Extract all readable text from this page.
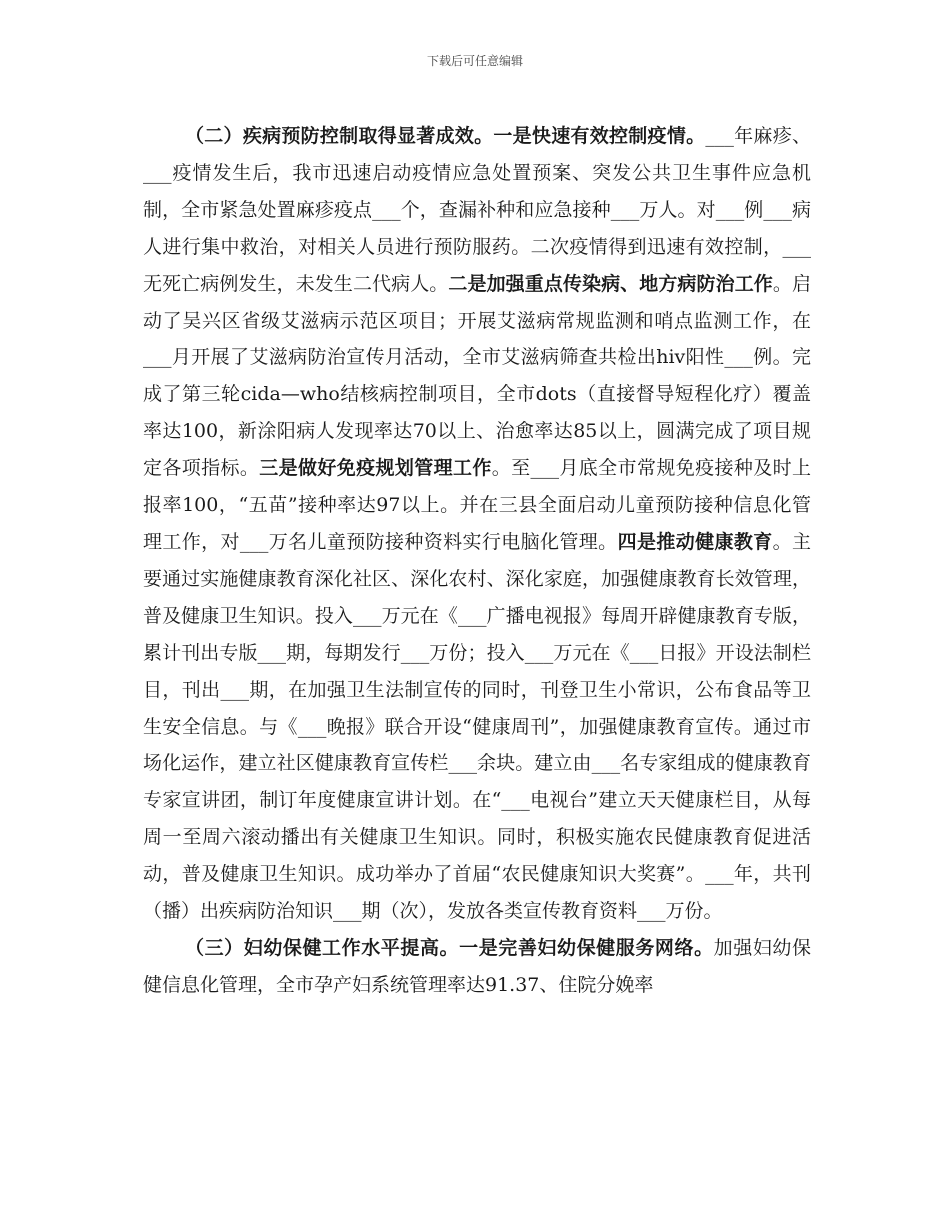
下载后可任意编辑

（二）疾病预防控制取得显著成效。一是快速有效控制疫情。___年麻疹、___疫情发生后，我市迅速启动疫情应急处置预案、突发公共卫生事件应急机制，全市紧急处置麻疹疫点___个，查漏补种和应急接种___万人。对___例___病人进行集中救治，对相关人员进行预防服药。二次疫情得到迅速有效控制，___无死亡病例发生，未发生二代病人。二是加强重点传染病、地方病防治工作。启动了吴兴区省级艾滋病示范区项目；开展艾滋病常规监测和哨点监测工作，在___月开展了艾滋病防治宣传月活动，全市艾滋病筛查共检出hiv阳性___例。完成了第三轮cida—who结核病控制项目，全市dots（直接督导短程化疗）覆盖率达100，新涂阳病人发现率达70以上、治愈率达85以上，圆满完成了项目规定各项指标。三是做好免疫规划管理工作。至___月底全市常规免疫接种及时上报率100，“五苗”接种率达97以上。并在三县全面启动儿童预防接种信息化管理工作，对___万名儿童预防接种资料实行电脑化管理。四是推动健康教育。主要通过实施健康教育深化社区、深化农村、深化家庭，加强健康教育长效管理，普及健康卫生知识。投入___万元在《___广播电视报》每周开辟健康教育专版，累计刊出专版___期，每期发行___万份；投入___万元在《___日报》开设法制栏目，刊出___期，在加强卫生法制宣传的同时，刊登卫生小常识，公布食品等卫生安全信息。与《___晚报》联合开设“健康周刊”，加强健康教育宣传。通过市场化运作，建立社区健康教育宣传栏___余块。建立由___名专家组成的健康教育专家宣讲团，制订年度健康宣讲计划。在“___电视台”建立天天健康栏目，从每周一至周六滚动播出有关健康卫生知识。同时，积极实施农民健康教育促进活动，普及健康卫生知识。成功举办了首届“农民健康知识大奖赛”。___年，共刊（播）出疾病防治知识___期（次），发放各类宣传教育资料___万份。

（三）妇幼保健工作水平提高。一是完善妇幼保健服务网络。加强妇幼保健信息化管理，全市孕产妇系统管理率达91.37、住院分娩率
